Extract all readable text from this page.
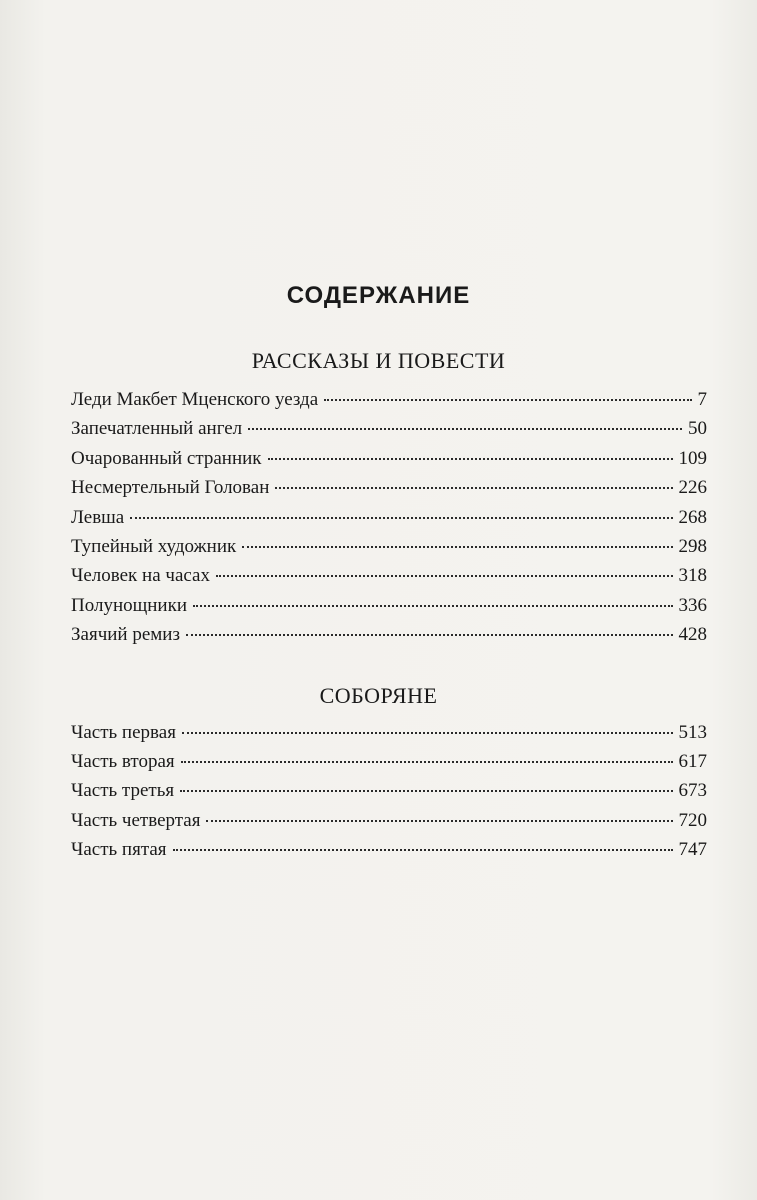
СОДЕРЖАНИЕ
РАССКАЗЫ И ПОВЕСТИ
Леди Макбет Мценского уезда	7
Запечатленный ангел	50
Очарованный странник	109
Несмертельный Голован	226
Левша	268
Тупейный художник	298
Человек на часах	318
Полунощники	336
Заячий ремиз	428
СОБОРЯНЕ
Часть первая	513
Часть вторая	617
Часть третья	673
Часть четвертая	720
Часть пятая	747
